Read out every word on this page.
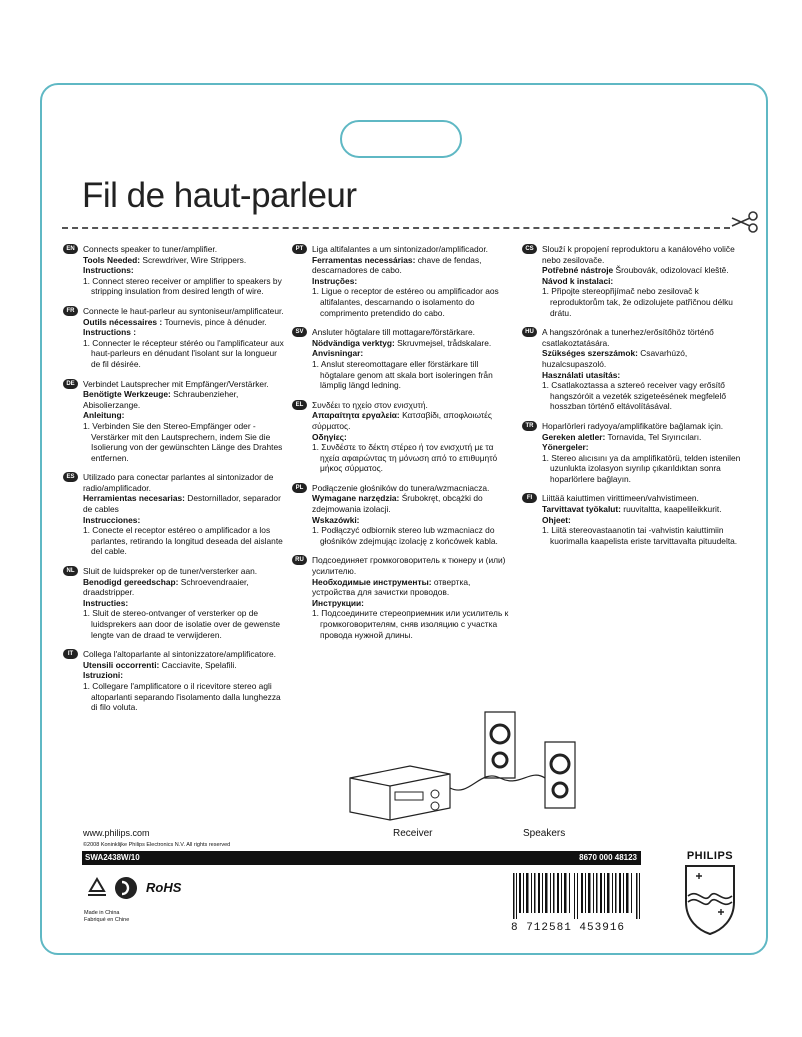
Fil de haut-parleur
EN Connects speaker to tuner/amplifier.

Tools Needed: Screwdriver, Wire Strippers.

Instructions:

1. Connect stereo receiver or amplifier to speakers by stripping insulation from desired length of wire.

FR	Connecte le haut-parleur au syntoniseur/amplificateur.

Outils nécessaires : Tournevis, pince à dénuder.

Instructions :

1. Connecter le récepteur stéréo ou l'amplificateur aux haut-parleurs en dénudant l'isolant sur la longueur de fil désirée.

DE Verbindet Lautsprecher mit Empfänger/Verstärker.

Benötigte Werkzeuge: Schraubenzieher, Abisolierzange.

Anleitung:

1. Verbinden Sie den Stereo-Empfänger oder -Verstärker mit den Lautsprechern, indem Sie die Isolierung von der gewünschten Länge des Drahtes entfernen.

ES	Utilizado para conectar parlantes al sintonizador de radio/amplificador.

Herramientas necesarias: Destornillador, separador de cables

Instrucciones:

1. Conecte el receptor estéreo o amplificador a los parlantes, retirando la longitud deseada del aislante del cable.

NL	Sluit de luidspreker op de tuner/versterker aan.

Benodigd gereedschap: Schroevendraaier, draadstripper.

Instructies:

1. Sluit de stereo-ontvanger of versterker op de luidsprekers aan door de isolatie over de gewenste lengte van de draad te verwijderen.

IT	Collega l'altoparlante al sintonizzatore/amplificatore.

Utensili occorrenti: Cacciavite, Spelafili.

Istruzioni:

1. Collegare l'amplificatore o il ricevitore stereo agli altoparlanti separando l'isolamento dalla lunghezza di filo voluta.

PT	Liga altifalantes a um sintonizador/amplificador.

Ferramentas necessárias: chave de fendas, descarnadores de cabo.

Instruções:

1. Ligue o receptor de estéreo ou amplificador aos altifalantes, descarnando o isolamento do comprimento pretendido do cabo.

SV	Ansluter högtalare till mottagare/förstärkare.

Nödvändiga verktyg: Skruvmejsel, trådskalare.

Anvisningar:

1. Anslut stereomottagare eller förstärkare till högtalare genom att skala bort isoleringen från lämplig längd ledning.

EL	Συνδέει το ηχείο στον ενισχυτή.

Απαραίτητα εργαλεία: Κατσαβίδι, αποφλοιωτές σύρματος.

Οδηγίες:

1. Συνδέστε το δέκτη στέρεο ή τον ενισχυτή με τα ηχεία αφαιρώντας τη μόνωση από το επιθυμητό μήκος σύρματος.

PL	Podłączenie głośników do tunera/wzmacniacza.

Wymagane narzędzia: Śrubokręt, obcążki do zdejmowania izolacji.

Wskazówki:

1. Podłączyć odbiornik stereo lub wzmacniacz do głośników zdejmując izolację z końcówek kabla.

RU Подсоединяет громкоговоритель к тюнеру и (или) усилителю.

Необходимые инструменты: отвертка, устройства для зачистки проводов.

Инструкции:

1. Подсоедините стереоприемник или усилитель к громкоговорителям, сняв изоляцию с участка провода нужной длины.

CS Slouží k propojení reproduktoru a kanálového voliče nebo zesilovače.

Potřebné nástroje Šroubovák, odizolovací kleště.

Návod k instalaci:

1. Připojte stereopřijímač nebo zesilovač k reproduktorům tak, že odizolujete patřičnou délku drátu.

HU A hangszórónak a tunerhez/erősítőhöz történő csatlakoztatására.

Szükséges szerszámok: Csavarhúzó, huzalcsupaszoló.

Használati utasítás:

1. Csatlakoztassa a sztereó receiver vagy erősítő hangszóróit a vezeték szigeteésének megfelelő hosszban történő eltávolításával.

TR	Hoparlörleri radyoya/amplifikatöre bağlamak için.

Gereken aletler: Tornavida, Tel Sıyırıcıları.

Yönergeler:

1. Stereo alıcısını ya da amplifikatörü, telden istenilen uzunlukta izolasyon sıyrılıp çıkarıldıktan sonra hoparlörlere bağlayın.

FI	Liittää kaiuttimen virittimeen/vahvistimeen.

Tarvittavat työkalut: ruuvitaltta, kaapelileikkurit.

Ohjeet:

1. Liitä stereovastaanotin tai -vahvistin kaiuttimiin kuorimalla kaapelista eriste tarvittavalta pituudelta.

Receiver	Speakers
www.philips.com
©2008 Koninklijke Philips Electronics N.V. All rights reserved
SWA2438W/10	8670 000 48123
RoHS
Made in China
Fabriqué en Chine
8 712581 453916
PHILIPS
